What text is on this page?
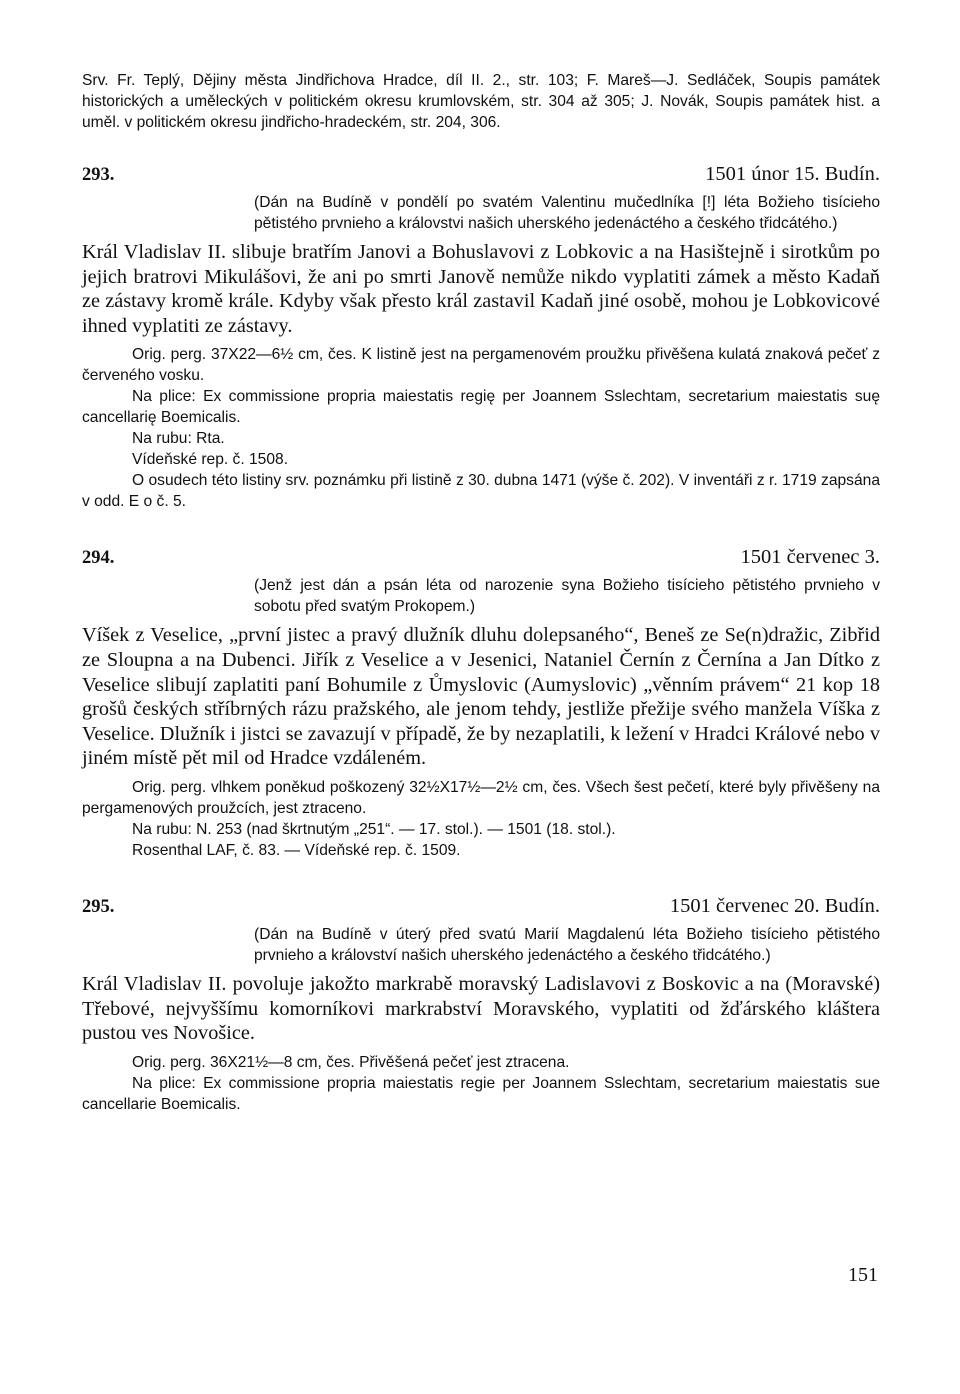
Srv. Fr. Teplý, Dějiny města Jindřichova Hradce, díl II. 2., str. 103; F. Mareš—J. Sedláček, Soupis památek historických a uměleckých v politickém okresu krumlovském, str. 304 až 305; J. Novák, Soupis památek hist. a uměl. v politickém okresu jindřicho-hradeckém, str. 204, 306.

293.	1501 únor 15. Budín.

(Dán na Budíně v pondělí po svatém Valentinu mučedlníka [!] léta Božieho tisícieho pětistého prvnieho a královstvi našich uherského jedenáctého a českého třidcátého.)

Král Vladislav II. slibuje bratřím Janovi a Bohuslavovi z Lobkovic a na Hasištejně i sirotkům po jejich bratrovi Mikulášovi, že ani po smrti Janově nemůže nikdo vyplatiti zámek a město Kadaň ze zástavy kromě krále. Kdyby však přesto král zastavil Kadaň jiné osobě, mohou je Lobkovicové ihned vyplatiti ze zástavy.

Orig. perg. 37X22—6½ cm, čes. K listině jest na pergamenovém proužku přivěšena kulatá znaková pečeť z červeného vosku.

Na plice: Ex commissione propria maiestatis regię per Joannem Sslechtam, secretarium maiestatis suę cancellarię Boemicalis.

Na rubu: Rta.

Vídeňské rep. č. 1508.

O osudech této listiny srv. poznámku při listině z 30. dubna 1471 (výše č. 202). V inventáři z r. 1719 zapsána v odd. E o č. 5.

294.	1501 červenec 3.

(Jenž jest dán a psán léta od narozenie syna Božieho tisícieho pětistého prvnieho v sobotu před svatým Prokopem.)

Víšek z Veselice, „první jistec a pravý dlužník dluhu dolepsaného“, Beneš ze Se(n)dražic, Zibřid ze Sloupna a na Dubenci. Jiřík z Veselice a v Jesenici, Nataniel Černín z Černína a Jan Dítko z Veselice slibují zaplatiti paní Bohumile z Ůmyslovic (Aumyslovic) „věnním právem“ 21 kop 18 grošů českých stříbrných rázu pražského, ale jenom tehdy, jestliže přežije svého manžela Víška z Veselice. Dlužník i jistci se zavazují v případě, že by nezaplatili, k ležení v Hradci Králové nebo v jiném místě pět mil od Hradce vzdáleném.

Orig. perg. vlhkem poněkud poškozený 32½X17½—2½ cm, čes. Všech šest pečetí, které byly přivěšeny na pergamenových proužcích, jest ztraceno.

Na rubu: N. 253 (nad škrtnutým „251“. — 17. stol.). — 1501 (18. stol.).

Rosenthal LAF, č. 83. — Vídeňské rep. č. 1509.

295.	1501 červenec 20. Budín.

(Dán na Budíně v úterý před svatú Marií Magdalenú léta Božieho tisícieho pětistého prvnieho a království našich uherského jedenáctého a českého třidcátého.)

Král Vladislav II. povoluje jakožto markrabě moravský Ladislavovi z Boskovic a na (Moravské) Třebové, nejvyššímu komorníkovi markrabství Moravského, vyplatiti od žďárského kláštera pustou ves Novošice.

Orig. perg. 36X21½—8 cm, čes. Přivěšená pečeť jest ztracena.

Na plice: Ex commissione propria maiestatis regie per Joannem Sslechtam, secretarium maiestatis sue cancellarie Boemicalis.

151
